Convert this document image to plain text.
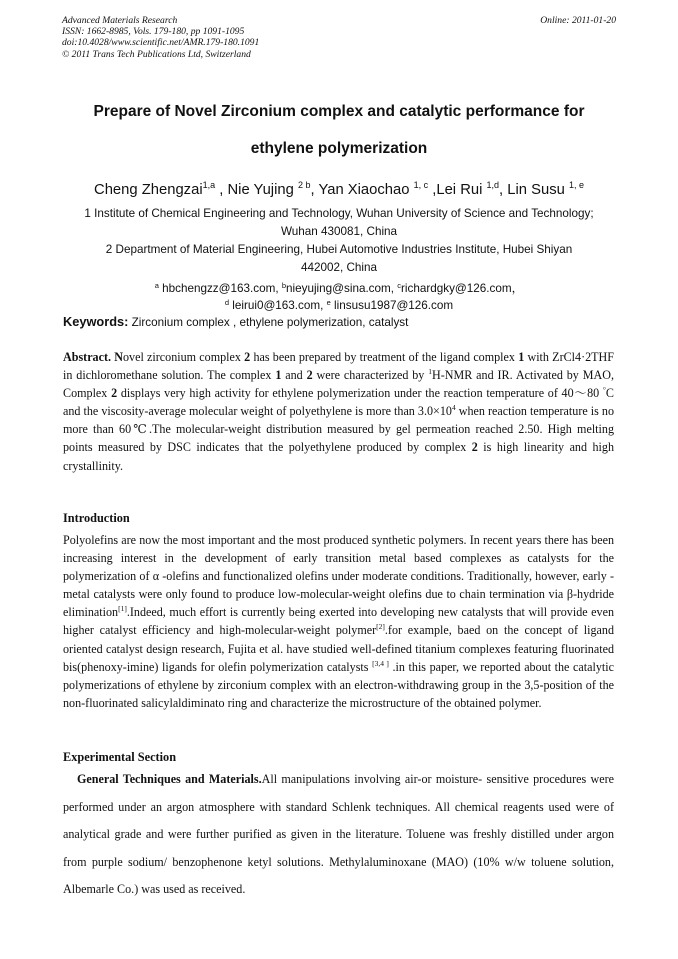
Advanced Materials Research
ISSN: 1662-8985, Vols. 179-180, pp 1091-1095
doi:10.4028/www.scientific.net/AMR.179-180.1091
© 2011 Trans Tech Publications Ltd, Switzerland
Online: 2011-01-20
Prepare of Novel Zirconium complex and catalytic performance for
ethylene polymerization
Cheng Zhengzai$^{1,a}$ , Nie Yujing $^{2 b}$, Yan Xiaochao $^{1, c}$ ,Lei Rui $^{1,d}$, Lin Susu $^{1, e}$
1 Institute of Chemical Engineering and Technology, Wuhan University of Science and Technology;
Wuhan 430081, China
2 Department of Material Engineering, Hubei Automotive Industries Institute, Hubei Shiyan
442002, China
$^a$ hbchengzz@163.com, $^b$nieyujing@sina.com, $^c$richardgky@126.com，
$^d$ leirui0@163.com, $^e$ linsusu1987@126.com
Keywords: Zirconium complex , ethylene polymerization, catalyst
Abstract. Novel zirconium complex 2 has been prepared by treatment of the ligand complex 1 with ZrCl4·2THF in dichloromethane solution. The complex 1 and 2 were characterized by $^1$H-NMR and IR. Activated by MAO, Complex 2 displays very high activity for ethylene polymerization under the reaction temperature of 40～80 °C and the viscosity-average molecular weight of polyethylene is more than $3.0\times 10^4$ when reaction temperature is no more than 60℃.The molecular-weight distribution measured by gel permeation reached 2.50. High melting points measured by DSC indicates that the polyethylene produced by complex 2 is high linearity and high crystallinity.
Introduction
Polyolefins are now the most important and the most produced synthetic polymers. In recent years there has been increasing interest in the development of early transition metal based complexes as catalysts for the polymerization of α -olefins and functionalized olefins under moderate conditions. Traditionally, however, early -metal catalysts were only found to produce low-molecular-weight olefins due to chain termination via β-hydride elimination[1].Indeed, much effort is currently being exerted into developing new catalysts that will provide even higher catalyst efficiency and high-molecular-weight polymer[2].for example, baed on the concept of ligand oriented catalyst design research, Fujita et al. have studied well-defined titanium complexes featuring fluorinated bis(phenoxy-imine) ligands for olefin polymerization catalysts [3,4 ] .in this paper, we reported about the catalytic polymerizations of ethylene by zirconium complex with an electron-withdrawing group in the 3,5-position of the non-fluorinated salicylaldiminato ring and characterize the microstructure of the obtained polymer.
Experimental Section
General Techniques and Materials.All manipulations involving air-or moisture- sensitive procedures were performed under an argon atmosphere with standard Schlenk techniques. All chemical reagents used were of analytical grade and were further purified as given in the literature. Toluene was freshly distilled under argon from purple sodium/ benzophenone ketyl solutions. Methylaluminoxane (MAO) (10% w/w toluene solution, Albemarle Co.) was used as received.
